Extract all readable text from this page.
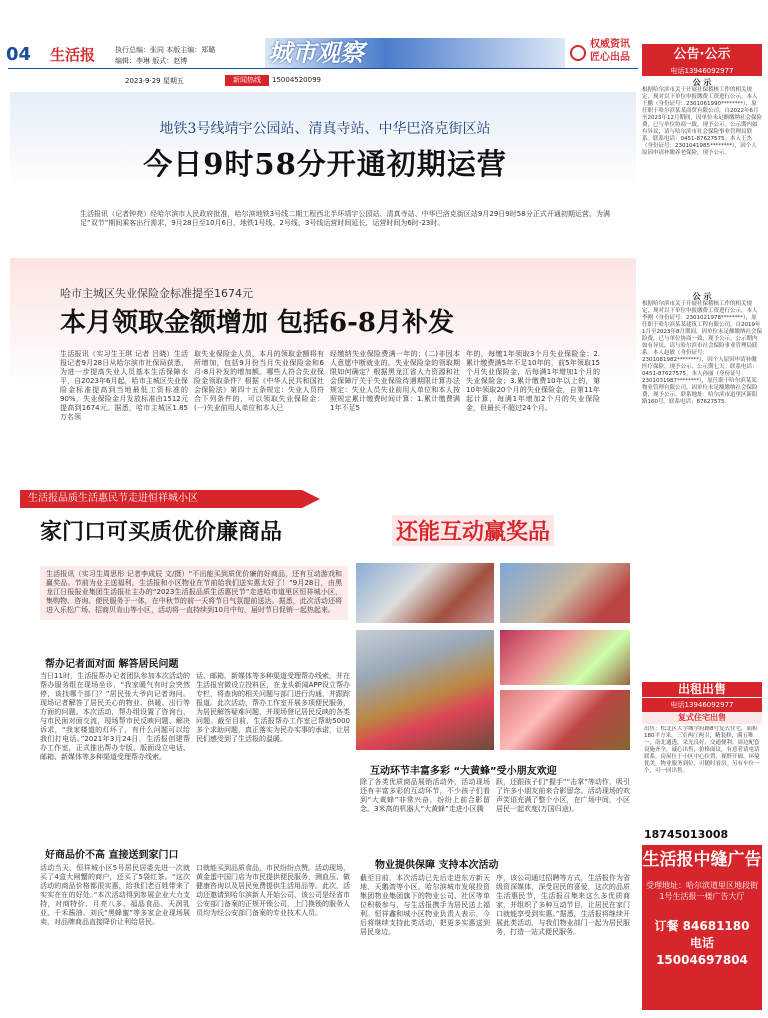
04 生活报	执行总编：张同 本版主编：郑璐
编辑：李琳 版式：赵博	城市观察	权威资讯
匠心出品
2023·9·29 星期五	新闻热线	15004520099
地铁3号线靖宇公园站、清真寺站、中华巴洛克街区站
今日9时58分开通初期运营
生活报讯（记者钟亮）经哈尔滨市人民政府批准，哈尔滨地铁3号线二期工程西北半环靖宇公园站、清真寺站、中华巴洛克街区站9月29日9时58分正式开通初期运营。为满足“双节”期间乘客出行需求，9月28日至10月6日，地铁1号线、2号线、3号线运营时间延长，运营时间为6时-23时。
哈市主城区失业保险金标准提至1674元
本月领取金额增加 包括6-8月补发
生活报讯（实习生王琪 记者 吕晓）生活报记者9月28日从哈尔滨市社保局获悉，为进一步提高失业人员基本生活保障水平，自2023年6月起，哈市主城区失业保险金标准提高到当地最低工资标准的90%，失业保险金月发放标准由1512元提高到1674元。据悉，哈市主城区1.85万名领
取失业保险金人员，本月的领取金额将有所增加，包括9月份当月失业保险金和6月-8月补发的增加额。哪些人符合失业保险金领取条件？根据《中华人民共和国社会保险法》第四十五条规定：失业人员符合下列条件的，可以领取失业保险金：(一)失业前用人单位和本人已
经缴纳失业保险费满一年的；(二)非因本人意愿中断就业的。失业保险金的领取期限如何确定？根据黑龙江省人力资源和社会保障厅关于失业保险待遇期限计算办法规定：失业人员失业前用人单位和本人按照规定累计缴费时间计算：1.累计缴费满1年不足5
年的，每缴1年领取3个月失业保险金；2.累计缴费满5年不足10年的，前5年领取15个月失业保险金，后每满1年增加1个月的失业保险金；3.累计缴费10年以上的，第10年领取20个月的失业保险金，自第11年起计算，每满1年增加2个月的失业保险金，但最长不超过24个月。
生活报品质生活惠民节走进恒祥城小区
家门口可买质优价廉商品	还能互动赢奖品
生活报讯（实习生周思彤 记者李成辰 文/摄）“不出能买到质优价廉的好商品，还有互动游戏和赢奖品。节前为业主送福利，生活报和小区物业在节前给我们送实惠太好了！”9月28日，由黑龙江日报报业集团生活报社主办的“2023生活报品质生活惠民节”走进哈市道里区恒祥城小区，集购物、咨询、便民服务于一体，在中秋节的前一天将节日气氛提前送达。据悉，此次活动还将进入乐松广场、招商贝肯山等小区，活动将一直持续到10月中旬，届时节日促销一起热起来。
帮办记者面对面 解答居民问题
当日11时，生活报帮办记者团队参加本次活动的帮办服务组在现场坐诊，“我家暖气有时会突然停，该找哪个部门？”居民张大爷向记者询问。现场记者解答了居民关心的物业、供暖、出行等方面的问题。本次活动，帮办组设置了咨询台，与市民面对面交流，现场帮市民反映问题、解决诉求，“我家楼道的灯坏了，有什么问题可以给我们打电话。”2021年3月24日，生活报创建帮办工作室，正式推出帮办专版，版面设立电话、邮箱、新媒体等多种渠道受理帮办线索。
话、邮箱、新媒体等多种渠道受理帮办线索，并在生活报官微设立投料区，在龙头新闻APP设立帮办专栏，将查询的相关问题与部门进行沟通，并跟踪报道。此次活动，帮办工作室开展多项便民服务，为居民解答疑难问题，并现场登记居民反映的各类问题。截至目前，生活报帮办工作室已帮助5000多个求助问题，真正落实为民办实事的承诺，让居民们感受到了生活报的温暖。
互动环节丰富多彩 “大黄蜂”受小朋友欢迎
除了各类优质商品展销活动外，活动现场还有丰富多彩的互动环节，不少孩子们看到“大黄蜂”非常兴奋，纷纷上前合影留念。3米高的机器人“大黄蜂”走进小区腾
跃，还跟孩子们“握手”“击掌”等动作，吸引了许多小朋友前来合影留念。活动现场的欢声笑语充满了整个小区，在广场中间，小区居民一起欢度(万国归途)。
好商品价不高 直接送到家门口
活动当天，恒祥城小区5号居民居委先进一次就买了4盒大闸蟹的商户，还买了5袋红茶。“这次活动的商品价格都很实惠，给我们老百姓带来了实实在在的好处。”本次活动得到参展企业大力支持，对商特价、月亮八多、福晶食品、天润乳业、千禾酱油、刘氏“黑蜂蜜”等多家企业现场展卖，对品牌商品直接降价让利给居民。
口就能买到品质食品，市民纷纷点赞。活动现场，黄金蛋中国门店为市民提供便民服务，测血压、做健康咨询以及居民免费提供生活用品等。此次，活动还邀请到哈尔滨新人开始公司，该公司是经省市公安部门备案的正规开锁公司，上门换锁的服务人员均为经公安部门备案的专业技术人员。
物业提供保障 支持本次活动
截至目前，本次活动已先后走进东方新天地、天鹅湾等小区，哈尔滨城市发展投资集团物业集团旗下的物业公司、社区等单位积极参与，与生活报携手为居民送上福利。恒祥鑫和城小区物业负责人表示，今后将继续支持此类活动，把更多实惠送到居民身边。
序，该公司通过招聘等方式，生活报作为省级资深媒体，深受居民的喜爱，这次的品质生活惠民节，生活报召集来这么多优质商家，并组织了多种互动节目，让居民在家门口就能享受到实惠。”据悉，生活报将继续开展此类活动，与我们物业部门一起为居民服务，打造一站式便民服务。
公告·公示
电话13946092977
公 示
根据哈尔滨市关于开展社保稽核工作的相关规定，现对以下单位申报缴费工资进行公示。本人王鹏（身份证号：2301061990********），原任职于哈尔滨某某商贸有限公司，自2022年6月至2023年12月期间，因单位未足额缴纳社会保险费，已与单位协商一致，现予公示。公示期内如有异议，请与哈尔滨市社会保险事业管理局联系。联系电话：0451-87627575。本人王杰（身份证号：2301041985********），因个人原因申请补缴养老保险，现予公示。
公 示
根据哈尔滨市关于开展社保稽核工作的相关规定，现对以下单位申报缴费工资进行公示。本人李刚（身份证号：2301021978********），原任职于哈尔滨某某建筑工程有限公司，自2019年1月至2023年8月期间，因单位未足额缴纳社会保险费，已与单位协商一致，现予公示。公示期内如有异议，请与哈尔滨市社会保险事业管理局联系。本人赵敏（身份证号：2301081982********），因个人原因申请补缴医疗保险，现予公示，公示期七天。联系电话：0451-87627575。本人孙丽（身份证号：2301031987********），原任职于哈尔滨某某物业管理有限公司，因单位未足额缴纳社会保险费，现予公示。联系地址：哈尔滨市道里区新阳路160号。联系电话：87627575。
出租出售
复式住宅出售
电话13946092977
出售：松北区大学城学府路8号复式住宅，面积180平方米，三室两厅两卫，精装修，满五唯一，南北通透，采光良好，交通便利，周边配套设施齐全，诚心出售，价格面议，有意者请电话联系。房屋位于小区中心位置，视野开阔，环境优美，物业服务到位，可随时看房。另有车位一个，可一同出售。
18745013008
生活报中缝广告
受理地址：哈尔滨道里区地段街1号生活报一楼广告大厅
订餐 84681180
电话 15004697804
